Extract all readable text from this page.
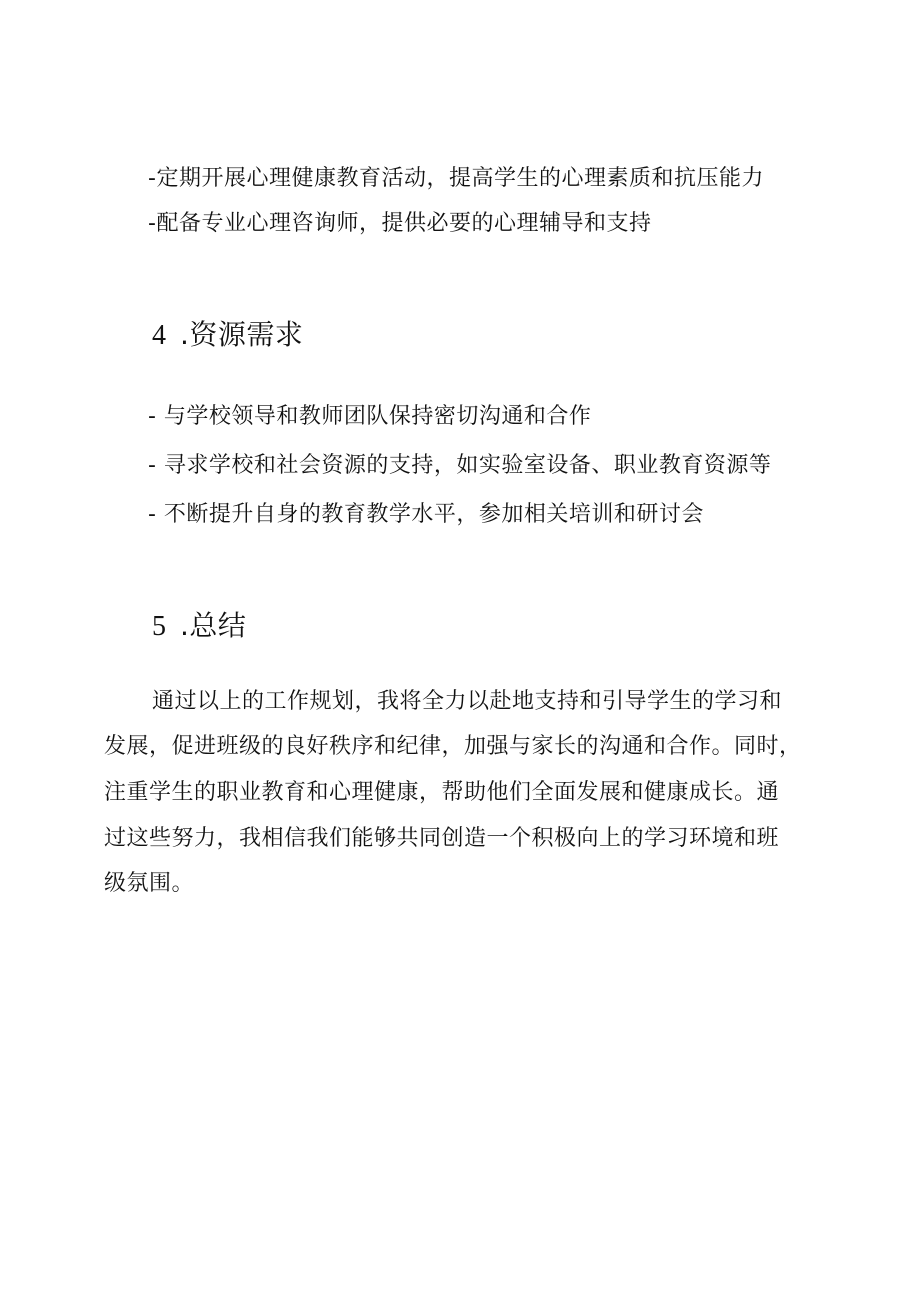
-定期开展心理健康教育活动，提高学生的心理素质和抗压能力
-配备专业心理咨询师，提供必要的心理辅导和支持
4 .资源需求
- 与学校领导和教师团队保持密切沟通和合作
- 寻求学校和社会资源的支持，如实验室设备、职业教育资源等
- 不断提升自身的教育教学水平，参加相关培训和研讨会
5 .总结
通过以上的工作规划，我将全力以赴地支持和引导学生的学习和
发展，促进班级的良好秩序和纪律，加强与家长的沟通和合作。同时，
注重学生的职业教育和心理健康，帮助他们全面发展和健康成长。通
过这些努力，我相信我们能够共同创造一个积极向上的学习环境和班
级氛围。
